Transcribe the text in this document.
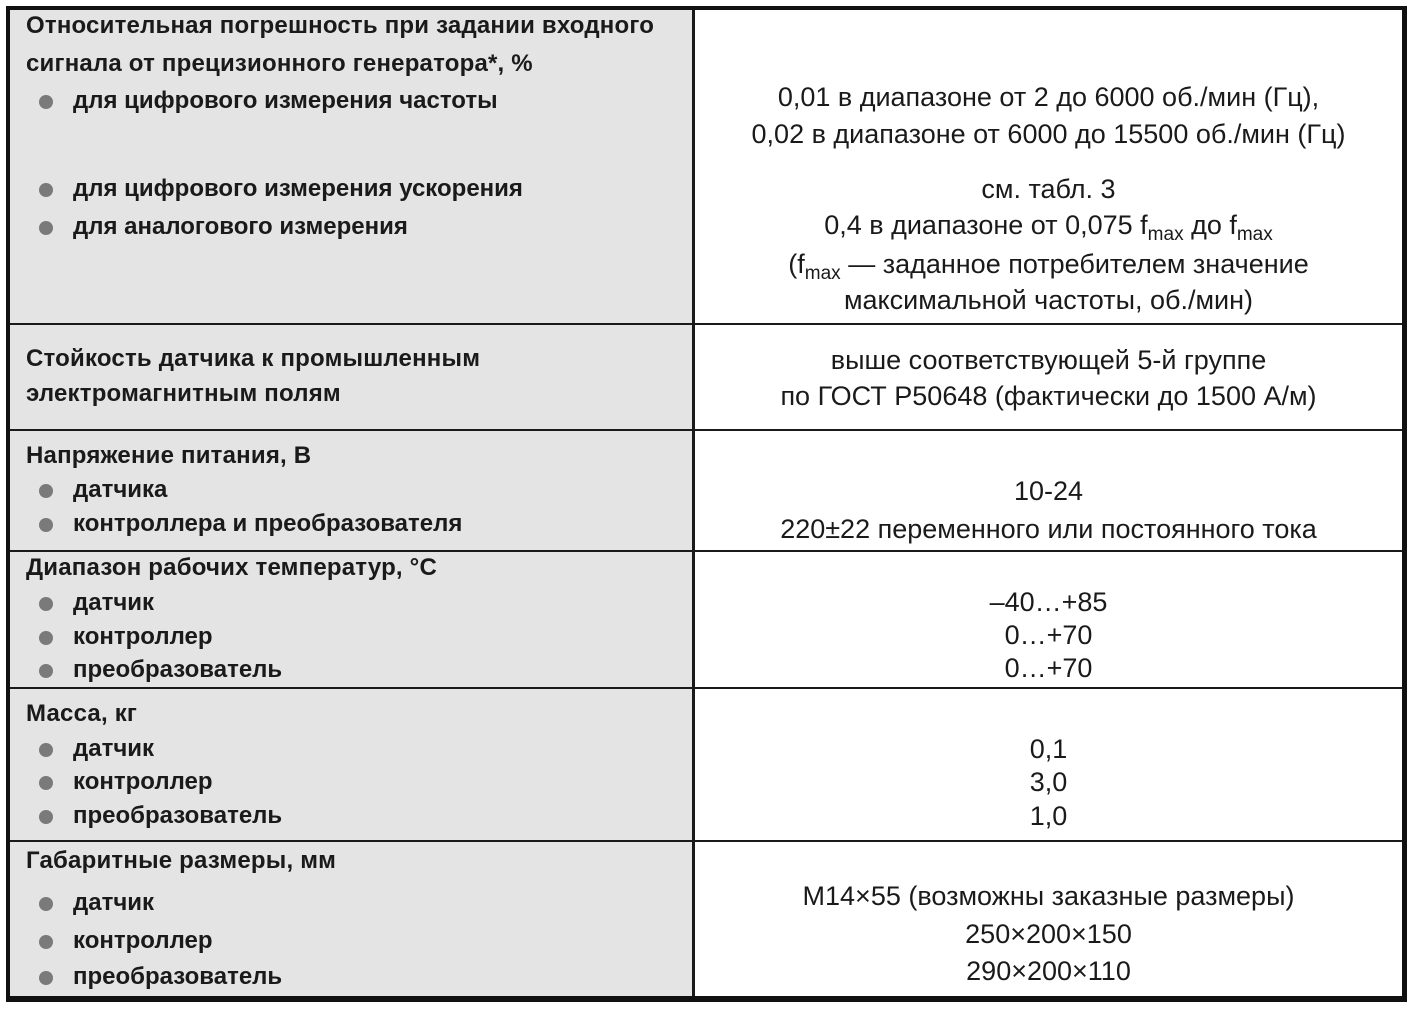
Относительная погрешность при задании входного
сигнала от прецизионного генератора*, %
для цифрового измерения частоты
для цифрового измерения ускорения
для аналогового измерения
0,01 в диапазоне от 2 до 6000 об./мин (Гц),
0,02 в диапазоне от 6000 до 15500 об./мин (Гц)
см. табл. 3
0,4 в диапазоне от 0,075 $f_{max}$ до $f_{max}$
($f_{max}$ — заданное потребителем значение
максимальной частоты, об./мин)
Стойкость датчика к промышленным
электромагнитным полям
выше соответствующей 5-й группе
по ГОСТ Р50648 (фактически до 1500 А/м)
Напряжение питания, В
датчика
контроллера и преобразователя
10-24
220±22 переменного или постоянного тока
Диапазон рабочих температур, °С
датчик
контроллер
преобразователь
–40…+85
0…+70
0…+70
Масса, кг
датчик
контроллер
преобразователь
0,1
3,0
1,0
Габаритные размеры, мм
датчик
контроллер
преобразователь
М14×55 (возможны заказные размеры)
250×200×150
290×200×110
